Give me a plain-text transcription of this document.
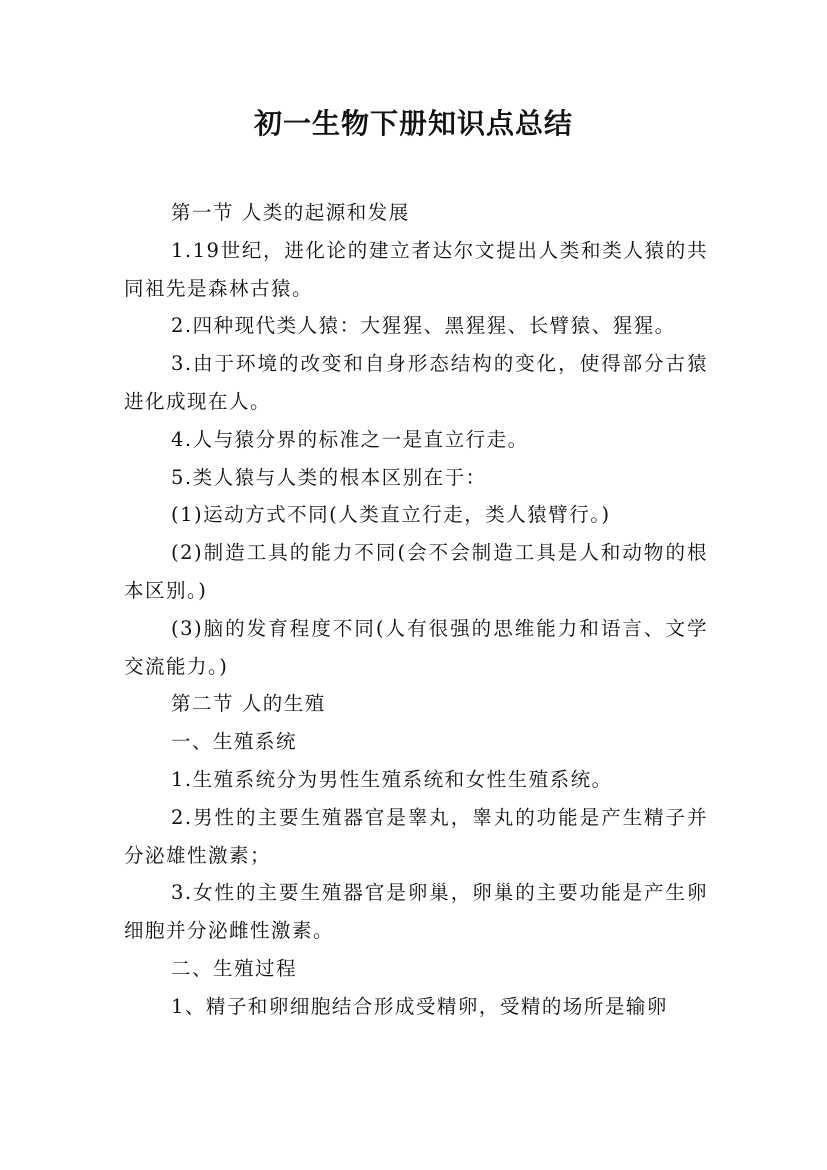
初一生物下册知识点总结

第一节 人类的起源和发展

1.19世纪，进化论的建立者达尔文提出人类和类人猿的共同祖先是森林古猿。

2.四种现代类人猿：大猩猩、黑猩猩、长臂猿、猩猩。

3.由于环境的改变和自身形态结构的变化，使得部分古猿进化成现在人。

4.人与猿分界的标准之一是直立行走。

5.类人猿与人类的根本区别在于：

(1)运动方式不同(人类直立行走，类人猿臂行。)

(2)制造工具的能力不同(会不会制造工具是人和动物的根本区别。)

(3)脑的发育程度不同(人有很强的思维能力和语言、文学交流能力。)

第二节 人的生殖

一、生殖系统

1.生殖系统分为男性生殖系统和女性生殖系统。

2.男性的主要生殖器官是睾丸，睾丸的功能是产生精子并分泌雄性激素；

3.女性的主要生殖器官是卵巢，卵巢的主要功能是产生卵细胞并分泌雌性激素。

二、生殖过程

1、精子和卵细胞结合形成受精卵，受精的场所是输卵
